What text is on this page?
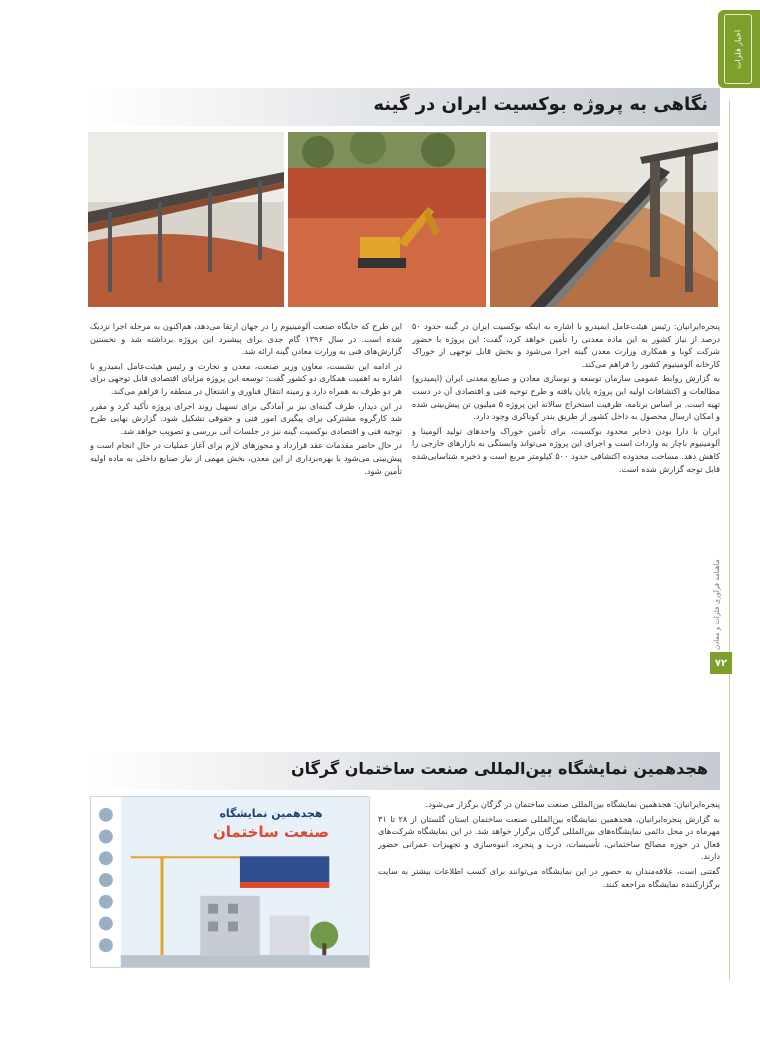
اخبار فلزات
ماهنامه فرآوری فلزات و معادن
۷۲
نگاهی به پروژه بوکسیت ایران در گینه

پنجره‌ایرانیان: رئیس هیئت‌عامل ایمیدرو با اشاره به اینکه بوکسیت ایران در گینه حدود ۵۰ درصد از نیاز کشور به این ماده معدنی را تأمین خواهد کرد، گفت: این پروژه با حضور شرکت کوبا و همکاری وزارت معدن گینه اجرا می‌شود و بخش قابل توجهی از خوراک کارخانه آلومینیوم کشور را فراهم می‌کند.

به گزارش روابط عمومی سازمان توسعه و نوسازی معادن و صنایع معدنی ایران (ایمیدرو) مطالعات و اکتشافات اولیه این پروژه پایان یافته و طرح توجیه فنی و اقتصادی آن در دست تهیه است. بر اساس برنامه، ظرفیت استخراج سالانه این پروژه ۵ میلیون تن پیش‌بینی شده و امکان ارسال محصول به داخل کشور از طریق بندر کوناکری وجود دارد.

ایران با دارا بودن ذخایر محدود بوکسیت، برای تأمین خوراک واحدهای تولید آلومینا و آلومینیوم ناچار به واردات است و اجرای این پروژه می‌تواند وابستگی به بازارهای خارجی را کاهش دهد. مساحت محدوده اکتشافی حدود ۵۰۰ کیلومتر مربع است و ذخیره شناسایی‌شده قابل توجه گزارش شده است.

این طرح که جایگاه صنعت آلومینیوم را در جهان ارتقا می‌دهد، هم‌اکنون به مرحله اجرا نزدیک شده است. در سال ۱۳۹۶ گام جدی برای پیشبرد این پروژه برداشته شد و نخستین گزارش‌های فنی به وزارت معادن گینه ارائه شد.

در ادامه این نشست، معاون وزیر صنعت، معدن و تجارت و رئیس هیئت‌عامل ایمیدرو با اشاره به اهمیت همکاری دو کشور گفت: توسعه این پروژه مزایای اقتصادی قابل توجهی برای هر دو طرف به همراه دارد و زمینه انتقال فناوری و اشتغال در منطقه را فراهم می‌کند.

در این دیدار، طرف گینه‌ای نیز بر آمادگی برای تسهیل روند اجرای پروژه تأکید کرد و مقرر شد کارگروه مشترکی برای پیگیری امور فنی و حقوقی تشکیل شود. گزارش نهایی طرح توجیه فنی و اقتصادی بوکسیت گینه نیز در جلسات آتی بررسی و تصویب خواهد شد.

در حال حاضر مقدمات عقد قرارداد و مجوزهای لازم برای آغاز عملیات در حال انجام است و پیش‌بینی می‌شود با بهره‌برداری از این معدن، بخش مهمی از نیاز صنایع داخلی به ماده اولیه تأمین شود.

هجدهمین نمایشگاه بین‌المللی صنعت ساختمان گرگان
هجدهمین نمایشگاه
صنعت ساختمان

پنجره‌ایرانیان: هجدهمین نمایشگاه بین‌المللی صنعت ساختمان در گرگان برگزار می‌شود.

به گزارش پنجره‌ایرانیان، هجدهمین نمایشگاه بین‌المللی صنعت ساختمان استان گلستان از ۲۸ تا ۳۱ مهرماه در محل دائمی نمایشگاه‌های بین‌المللی گرگان برگزار خواهد شد. در این نمایشگاه شرکت‌های فعال در حوزه مصالح ساختمانی، تأسیسات، درب و پنجره، انبوه‌سازی و تجهیزات عمرانی حضور دارند.

گفتنی است، علاقه‌مندان به حضور در این نمایشگاه می‌توانند برای کسب اطلاعات بیشتر به سایت برگزارکننده نمایشگاه مراجعه کنند.
